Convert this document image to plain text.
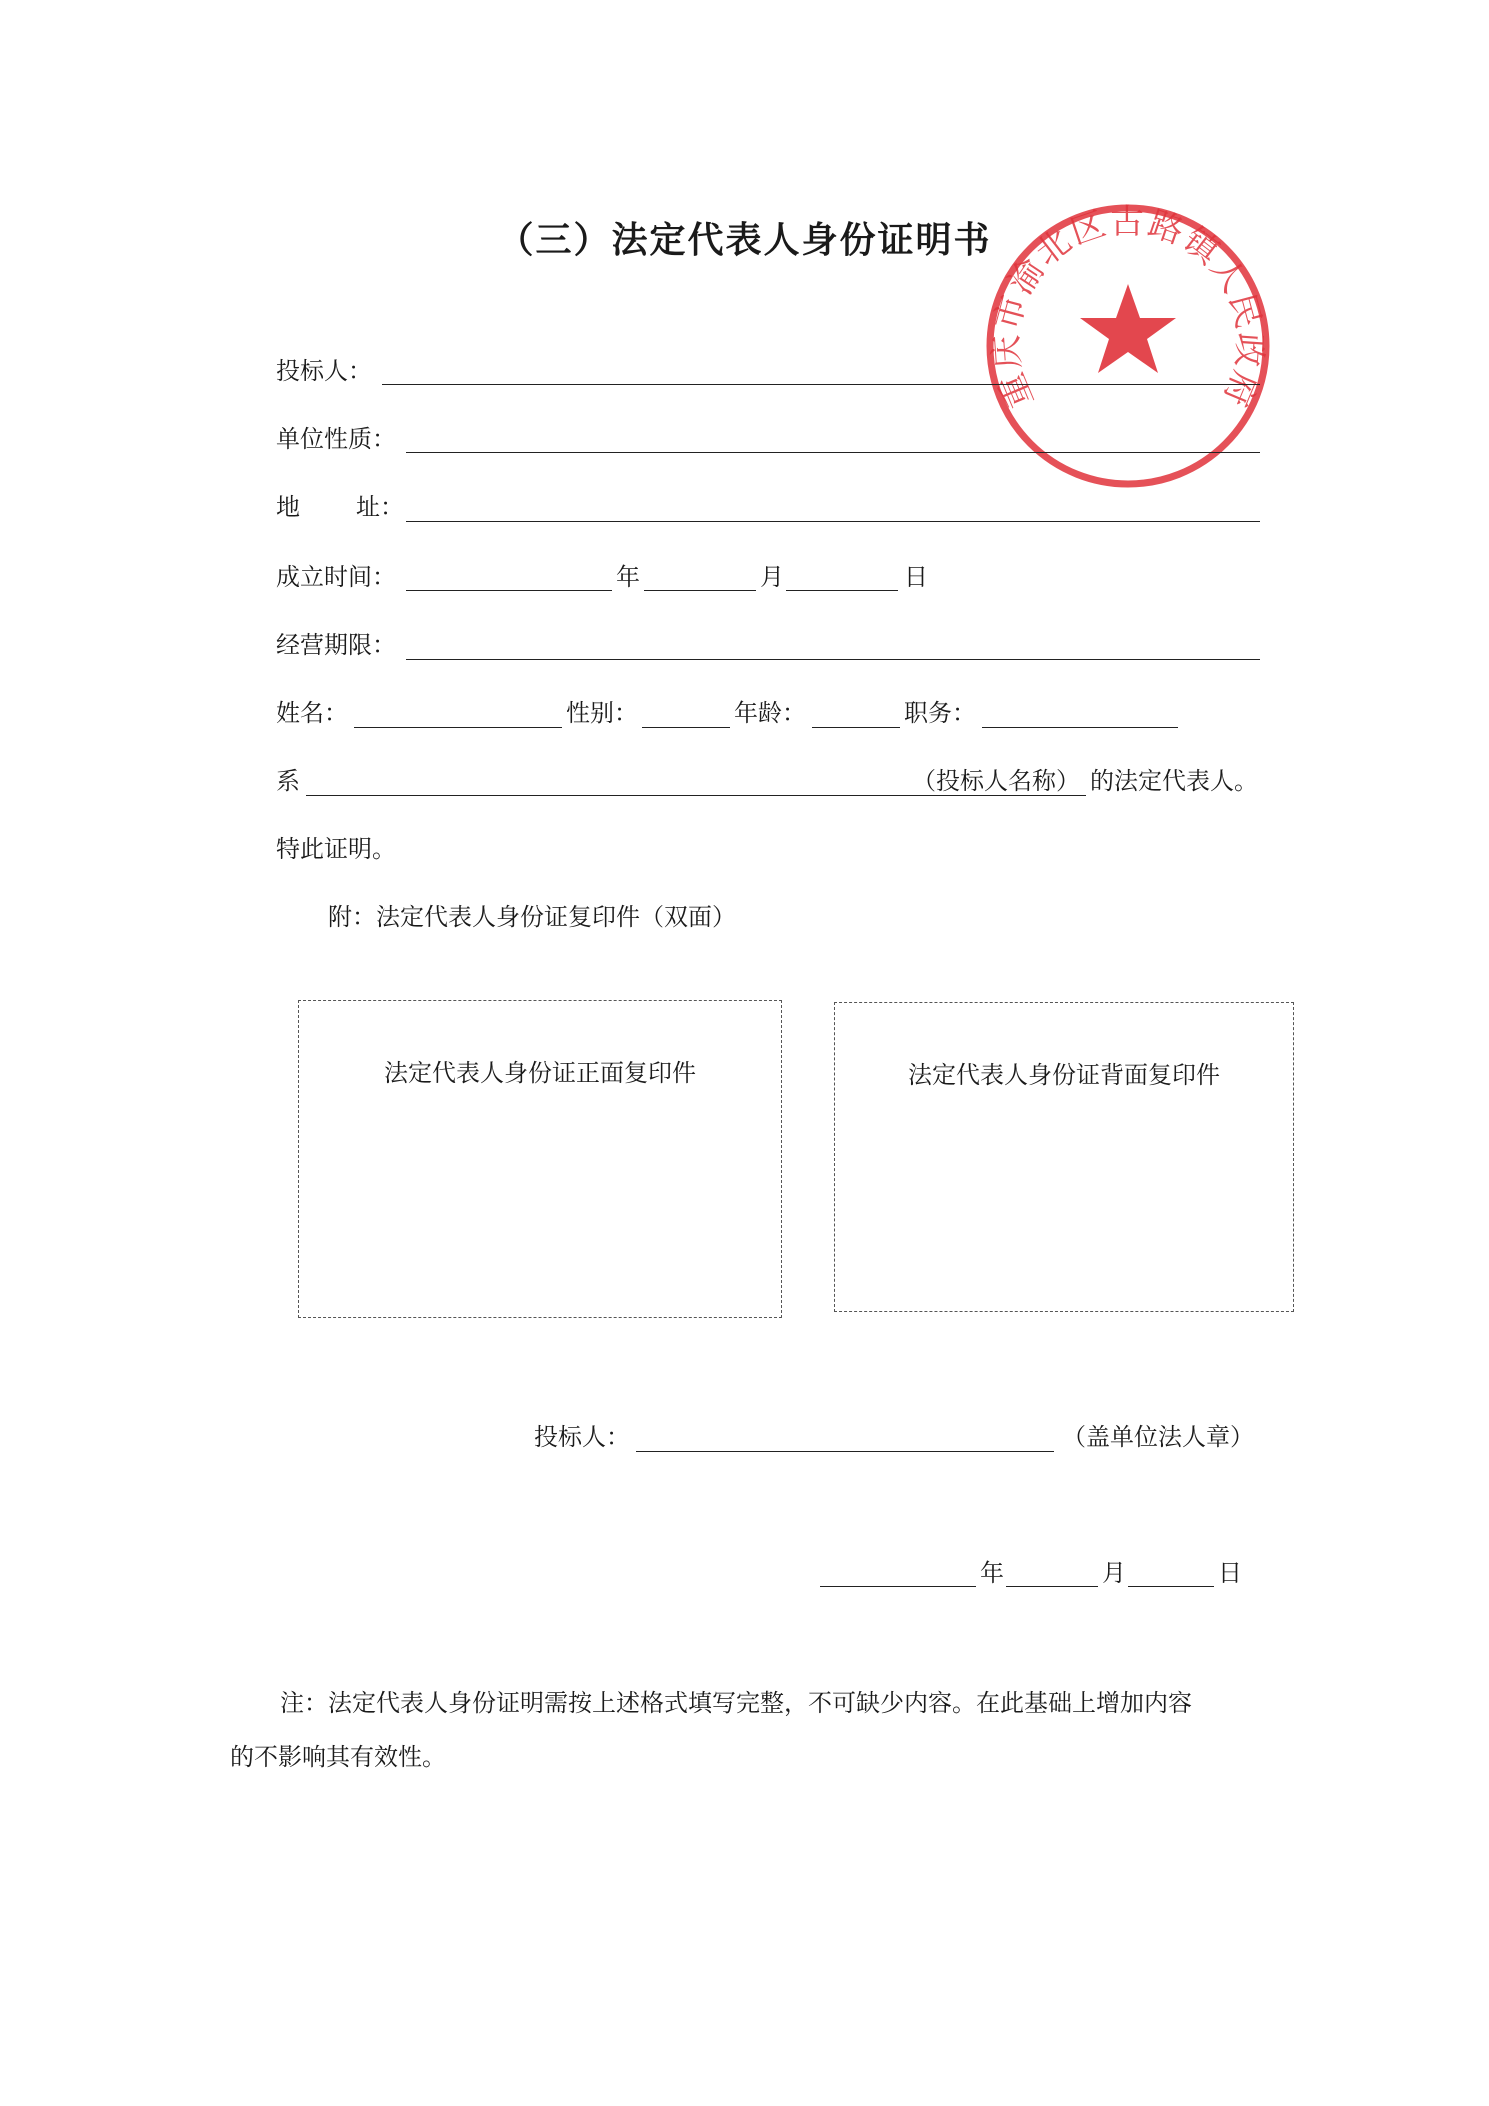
（三）法定代表人身份证明书
重庆市渝北区古路镇人民政府
投标人：
单位性质：
地 址：
成立时间：	年	月	日
经营期限：
姓名：	性别：	年龄：	职务：
系	（投标人名称） 的法定代表人。
特此证明。
附：法定代表人身份证复印件（双面）
法定代表人身份证正面复印件	法定代表人身份证背面复印件
投标人：	（盖单位法人章）
年	月	日
注：法定代表人身份证明需按上述格式填写完整，不可缺少内容。在此基础上增加内容
的不影响其有效性。
